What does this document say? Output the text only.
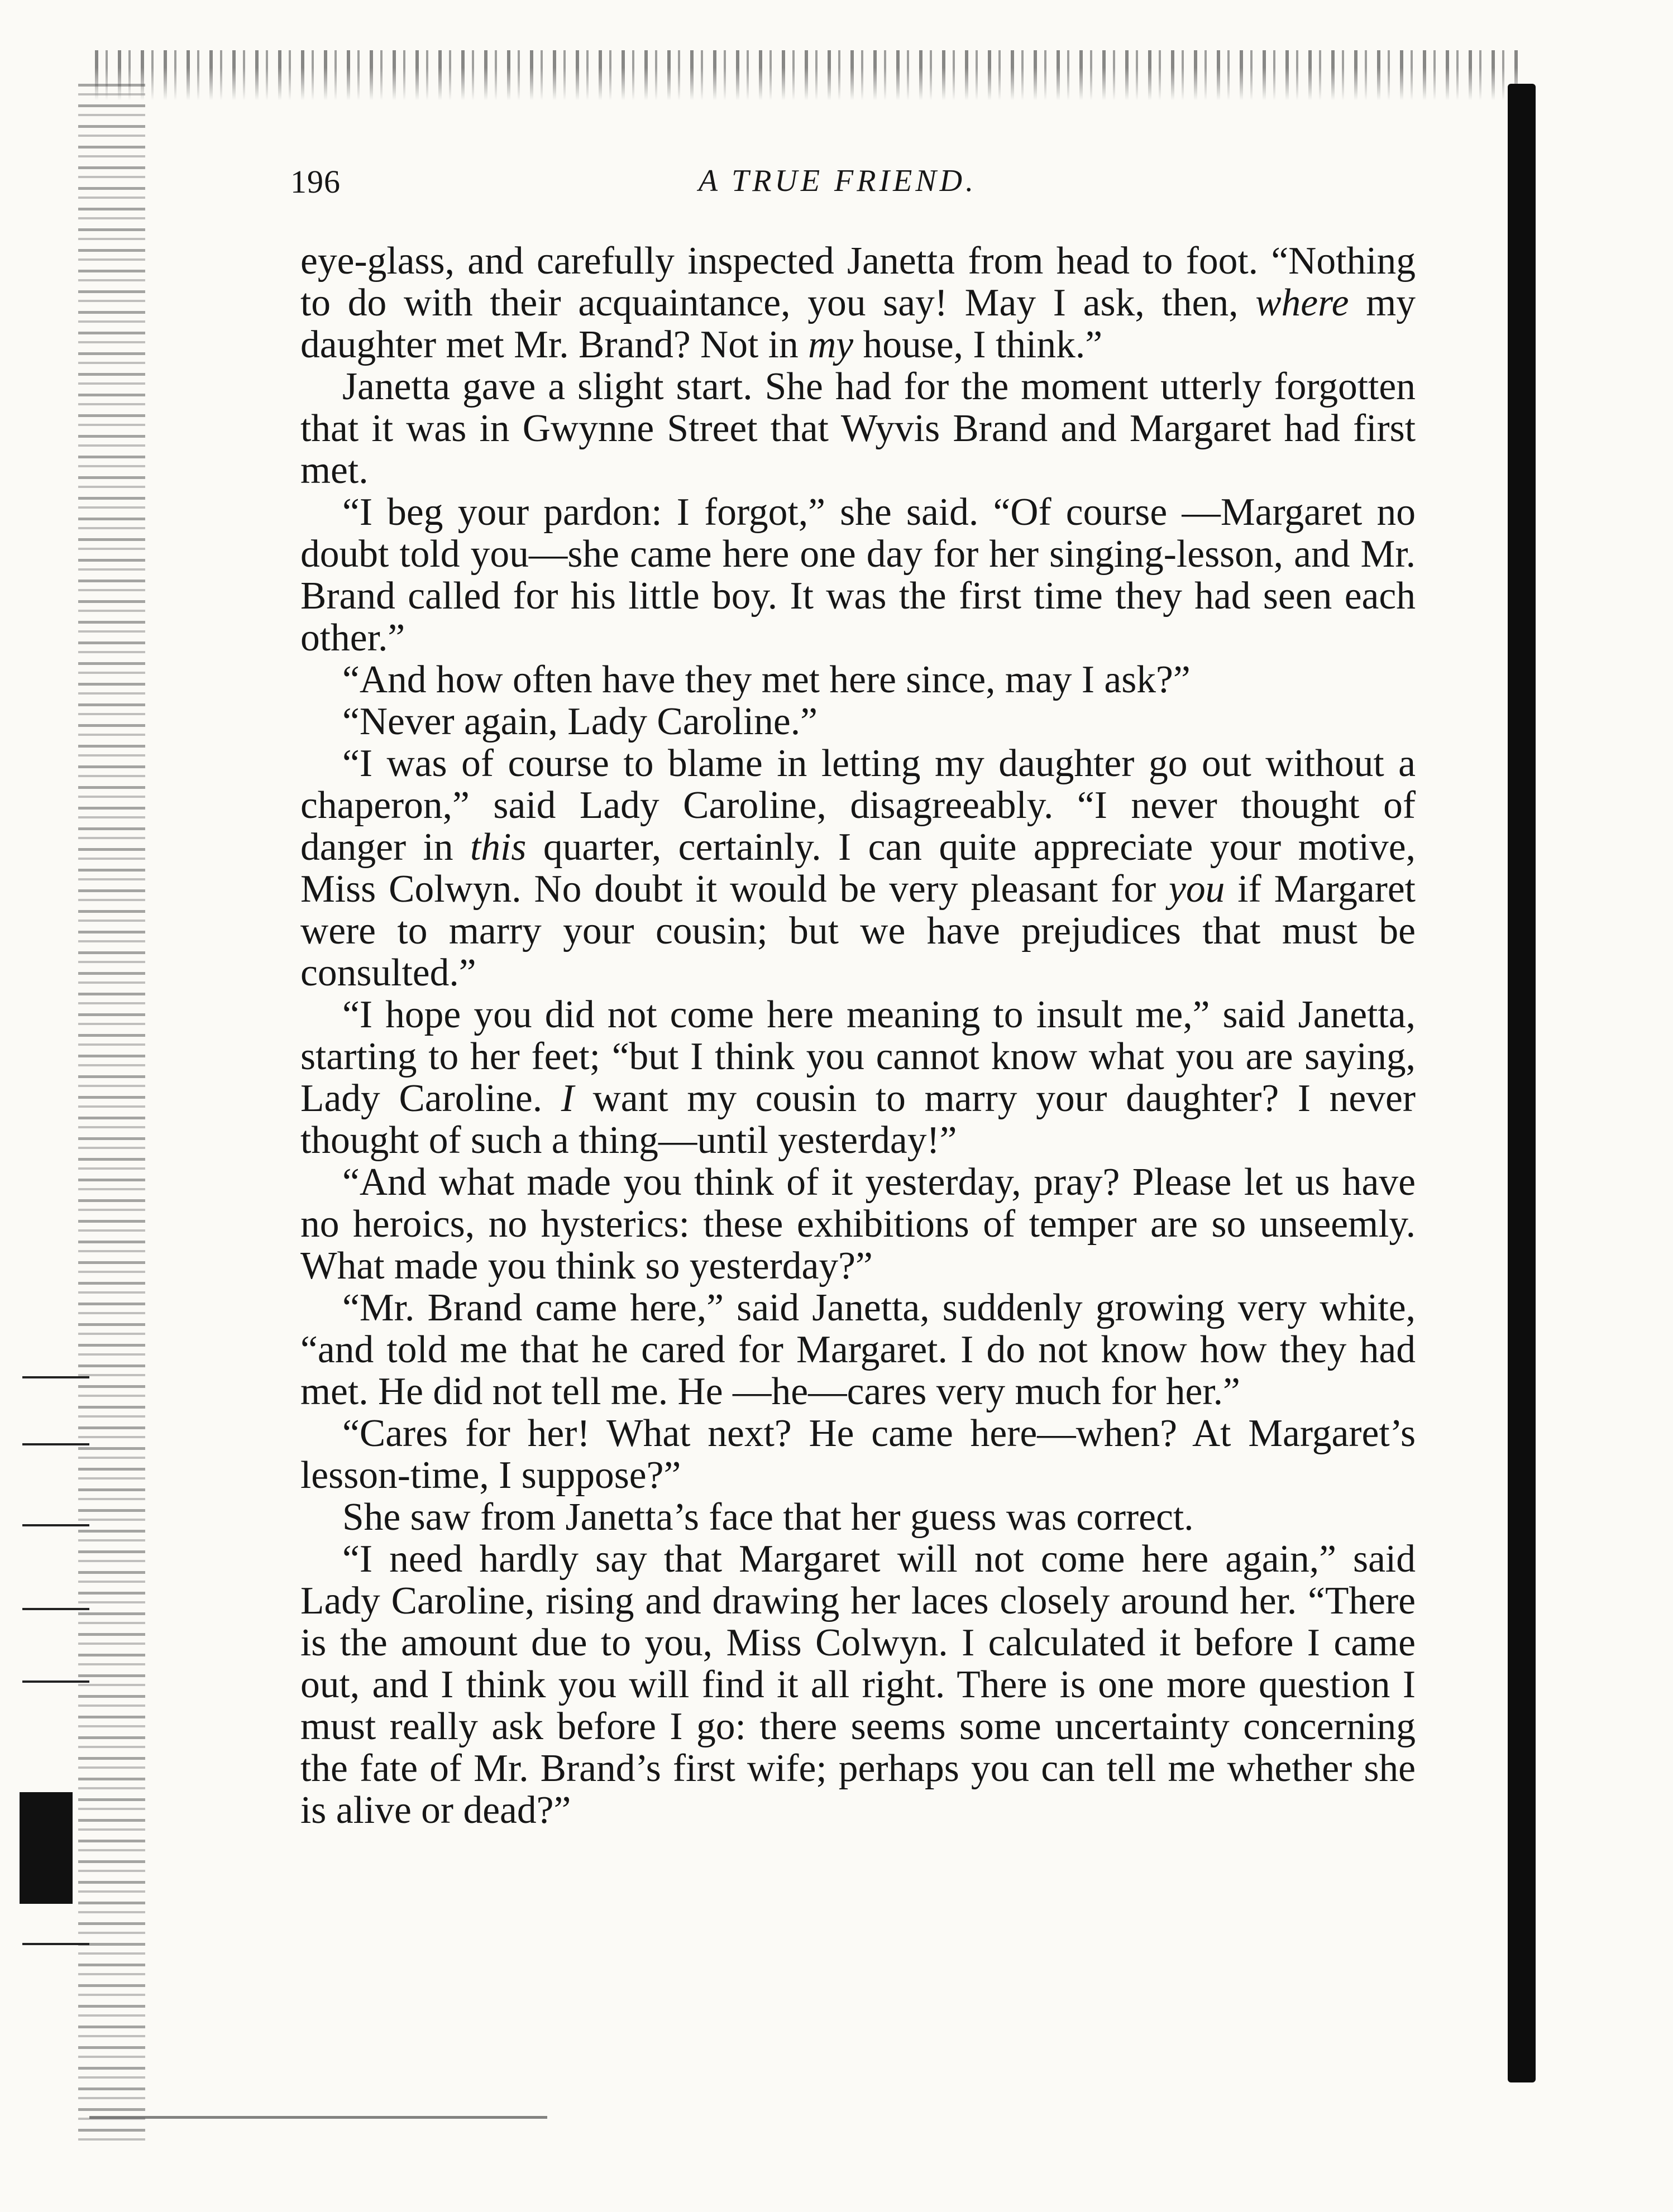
196	A TRUE FRIEND.

eye-glass, and carefully inspected Janetta from head to foot. “Nothing to do with their acquaintance, you say! May I ask, then, where my daughter met Mr. Brand? Not in my house, I think.”

Janetta gave a slight start. She had for the moment utterly forgotten that it was in Gwynne Street that Wyvis Brand and Margaret had first met.

“I beg your pardon: I forgot,” she said. “Of course —Margaret no doubt told you—she came here one day for her singing-lesson, and Mr. Brand called for his little boy. It was the first time they had seen each other.”

“And how often have they met here since, may I ask?”

“Never again, Lady Caroline.”

“I was of course to blame in letting my daughter go out without a chaperon,” said Lady Caroline, disagreeably. “I never thought of danger in this quarter, certainly. I can quite appreciate your motive, Miss Colwyn. No doubt it would be very pleasant for you if Margaret were to marry your cousin; but we have prejudices that must be consulted.”

“I hope you did not come here meaning to insult me,” said Janetta, starting to her feet; “but I think you cannot know what you are saying, Lady Caroline. I want my cousin to marry your daughter? I never thought of such a thing—until yesterday!”

“And what made you think of it yesterday, pray? Please let us have no heroics, no hysterics: these exhibitions of temper are so unseemly. What made you think so yesterday?”

“Mr. Brand came here,” said Janetta, suddenly growing very white, “and told me that he cared for Margaret. I do not know how they had met. He did not tell me. He —he—cares very much for her.”

“Cares for her! What next? He came here—when? At Margaret’s lesson-time, I suppose?”

She saw from Janetta’s face that her guess was correct.

“I need hardly say that Margaret will not come here again,” said Lady Caroline, rising and drawing her laces closely around her. “There is the amount due to you, Miss Colwyn. I calculated it before I came out, and I think you will find it all right. There is one more question I must really ask before I go: there seems some uncertainty concerning the fate of Mr. Brand’s first wife; perhaps you can tell me whether she is alive or dead?”
